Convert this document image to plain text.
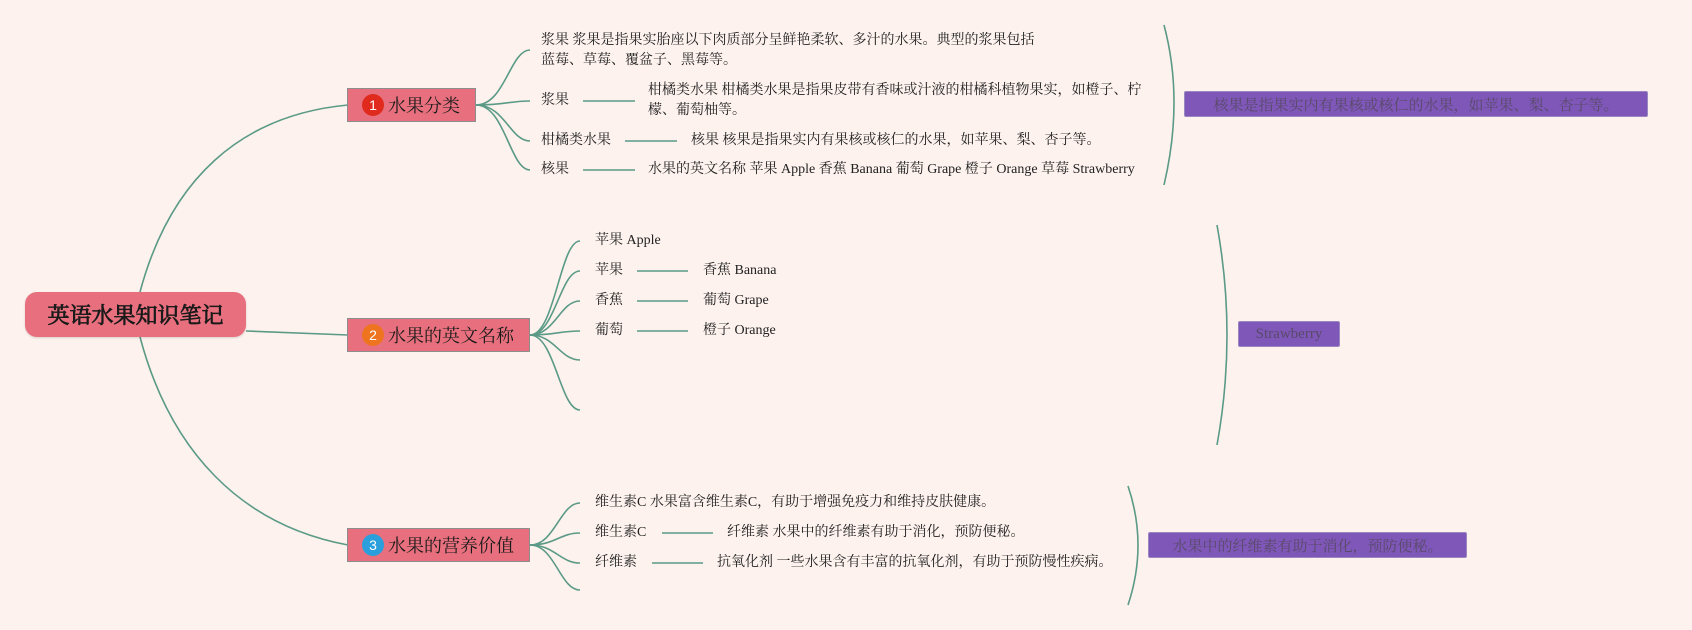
英语水果知识笔记
1 水果分类
浆果 浆果是指果实胎座以下肉质部分呈鲜艳柔软、多汁的水果。典型的浆果包括蓝莓、草莓、覆盆子、黑莓等。
浆果
柑橘类水果 柑橘类水果是指果皮带有香味或汁液的柑橘科植物果实，如橙子、柠檬、葡萄柚等。
柑橘类水果	核果 核果是指果实内有果核或核仁的水果，如苹果、梨、杏子等。
核果	水果的英文名称 苹果 Apple 香蕉 Banana 葡萄 Grape 橙子 Orange 草莓 Strawberry
核果是指果实内有果核或核仁的水果，如苹果、梨、杏子等。
2 水果的英文名称
苹果 Apple
苹果	香蕉 Banana
香蕉	葡萄 Grape
葡萄	橙子 Orange	Strawberry
3 水果的营养价值
维生素C 水果富含维生素C，有助于增强免疫力和维持皮肤健康。
维生素C	纤维素 水果中的纤维素有助于消化，预防便秘。
纤维素	抗氧化剂 一些水果含有丰富的抗氧化剂，有助于预防慢性疾病。
水果中的纤维素有助于消化，预防便秘。
